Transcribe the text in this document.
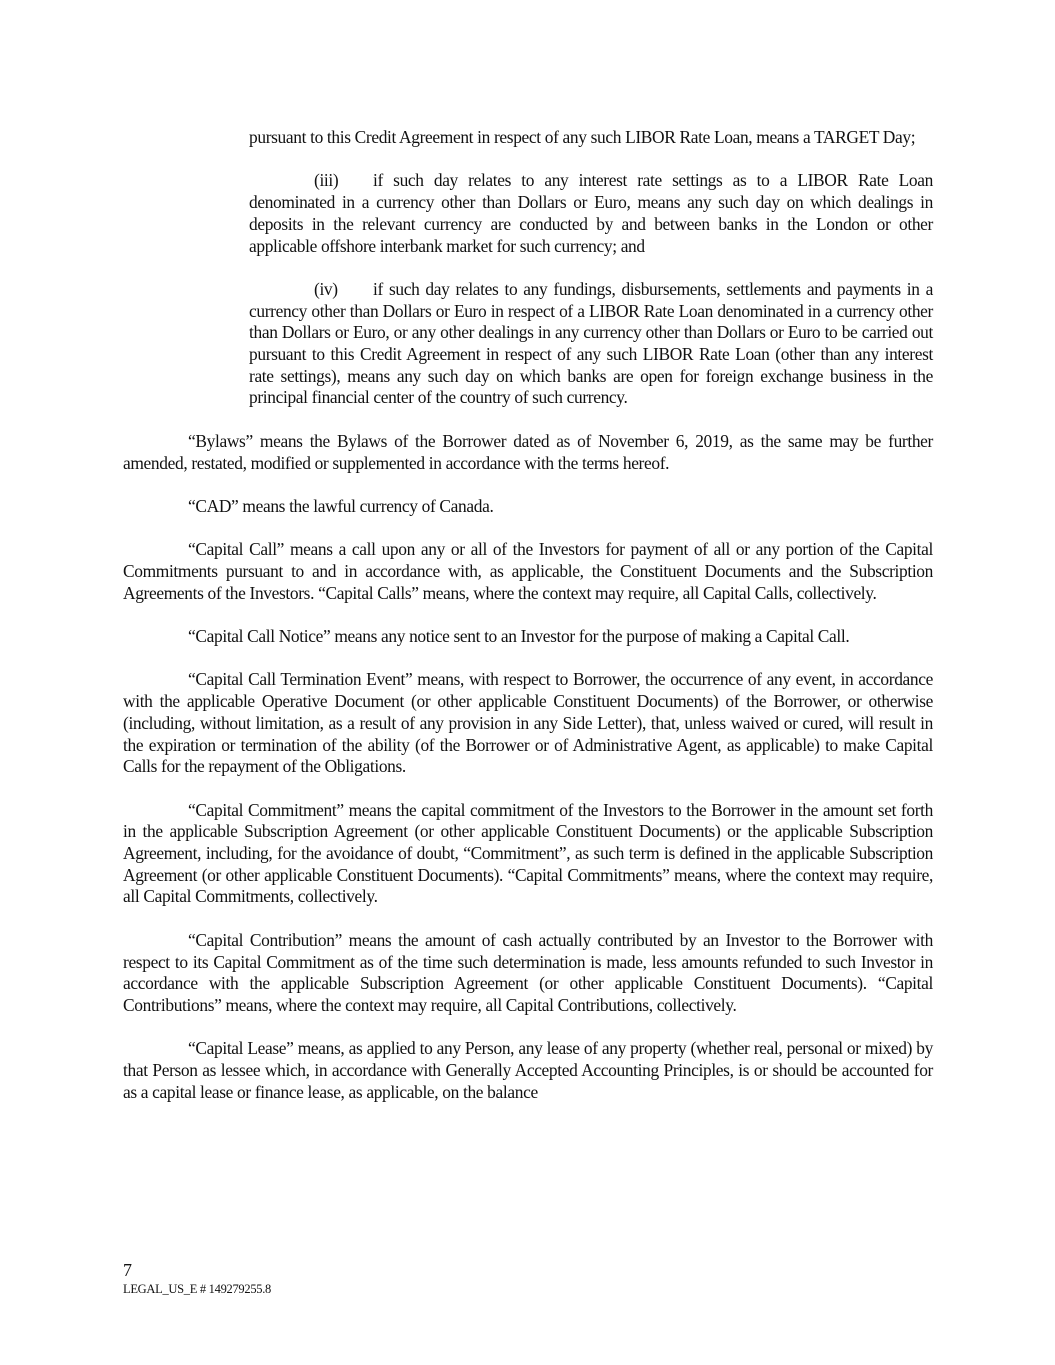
pursuant to this Credit Agreement in respect of any such LIBOR Rate Loan, means a TARGET Day;

(iii) if such day relates to any interest rate settings as to a LIBOR Rate Loan denominated in a currency other than Dollars or Euro, means any such day on which dealings in deposits in the relevant currency are conducted by and between banks in the London or other applicable offshore interbank market for such currency; and

(iv) if such day relates to any fundings, disbursements, settlements and payments in a currency other than Dollars or Euro in respect of a LIBOR Rate Loan denominated in a currency other than Dollars or Euro, or any other dealings in any currency other than Dollars or Euro to be carried out pursuant to this Credit Agreement in respect of any such LIBOR Rate Loan (other than any interest rate settings), means any such day on which banks are open for foreign exchange business in the principal financial center of the country of such currency.

“Bylaws” means the Bylaws of the Borrower dated as of November 6, 2019, as the same may be further amended, restated, modified or supplemented in accordance with the terms hereof.

“CAD” means the lawful currency of Canada.

“Capital Call” means a call upon any or all of the Investors for payment of all or any portion of the Capital Commitments pursuant to and in accordance with, as applicable, the Constituent Documents and the Subscription Agreements of the Investors. “Capital Calls” means, where the context may require, all Capital Calls, collectively.

“Capital Call Notice” means any notice sent to an Investor for the purpose of making a Capital Call.

“Capital Call Termination Event” means, with respect to Borrower, the occurrence of any event, in accordance with the applicable Operative Document (or other applicable Constituent Documents) of the Borrower, or otherwise (including, without limitation, as a result of any provision in any Side Letter), that, unless waived or cured, will result in the expiration or termination of the ability (of the Borrower or of Administrative Agent, as applicable) to make Capital Calls for the repayment of the Obligations.

“Capital Commitment” means the capital commitment of the Investors to the Borrower in the amount set forth in the applicable Subscription Agreement (or other applicable Constituent Documents) or the applicable Subscription Agreement, including, for the avoidance of doubt, “Commitment”, as such term is defined in the applicable Subscription Agreement (or other applicable Constituent Documents). “Capital Commitments” means, where the context may require, all Capital Commitments, collectively.

“Capital Contribution” means the amount of cash actually contributed by an Investor to the Borrower with respect to its Capital Commitment as of the time such determination is made, less amounts refunded to such Investor in accordance with the applicable Subscription Agreement (or other applicable Constituent Documents). “Capital Contributions” means, where the context may require, all Capital Contributions, collectively.

“Capital Lease” means, as applied to any Person, any lease of any property (whether real, personal or mixed) by that Person as lessee which, in accordance with Generally Accepted Accounting Principles, is or should be accounted for as a capital lease or finance lease, as applicable, on the balance

7
LEGAL_US_E # 149279255.8
